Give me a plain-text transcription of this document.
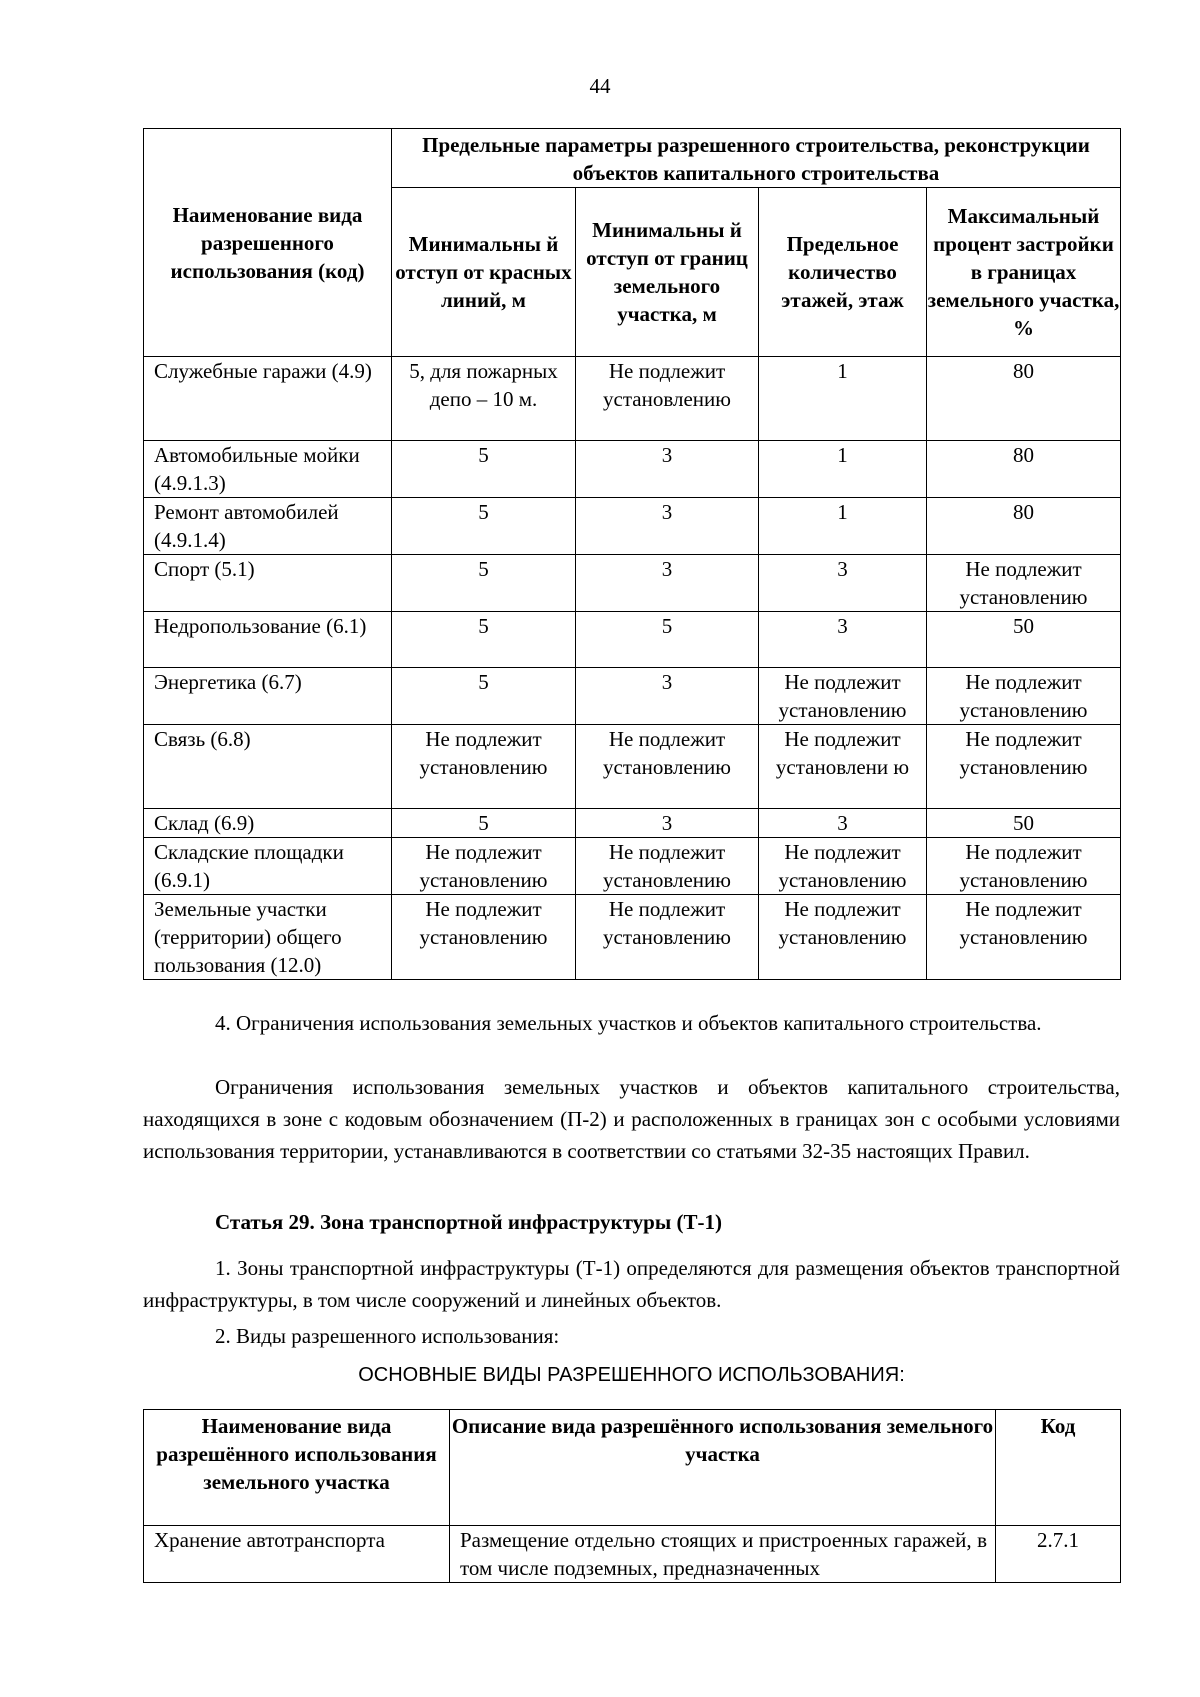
44
Наименование вида разрешенного использования (код)	Предельные параметры разрешенного строительства, реконструкции объектов капитального строительства			
	Минимальны й отступ от красных линий, м	Минимальны й отступ от границ земельного участка, м	Предельное количество этажей, этаж	Максимальный процент застройки в границах земельного участка, %
Служебные гаражи (4.9)	5, для пожарных депо – 10 м.	Не подлежит установлению	1	80
Автомобильные мойки (4.9.1.3)	5	3	1	80
Ремонт автомобилей (4.9.1.4)	5	3	1	80
Спорт (5.1)	5	3	3	Не подлежит установлению
Недропользование (6.1)	5	5	3	50
Энергетика (6.7)	5	3	Не подлежит установлению	Не подлежит установлению
Связь (6.8)	Не подлежит установлению	Не подлежит установлению	Не подлежит установлени ю	Не подлежит установлению
Склад (6.9)	5	3	3	50
Складские площадки (6.9.1)	Не подлежит установлению	Не подлежит установлению	Не подлежит установлению	Не подлежит установлению
Земельные участки (территории) общего пользования (12.0)	Не подлежит установлению	Не подлежит установлению	Не подлежит установлению	Не подлежит установлению

4. Ограничения использования земельных участков и объектов капитального строительства.

Ограничения использования земельных участков и объектов капитального строительства, находящихся в зоне с кодовым обозначением (П-2) и расположенных в границах зон с особыми условиями использования территории, устанавливаются в соответствии со статьями 32-35 настоящих Правил.

Статья 29. Зона транспортной инфраструктуры (Т-1)

1. Зоны транспортной инфраструктуры (Т-1) определяются для размещения объектов транспортной инфраструктуры, в том числе сооружений и линейных объектов.

2. Виды разрешенного использования:

ОСНОВНЫЕ ВИДЫ РАЗРЕШЕННОГО ИСПОЛЬЗОВАНИЯ:

Наименование вида разрешённого использования земельного участка	Описание вида разрешённого использования земельного участка	Код
Хранение автотранспорта	Размещение отдельно стоящих и пристроенных гаражей, в том числе подземных, предназначенных	2.7.1
